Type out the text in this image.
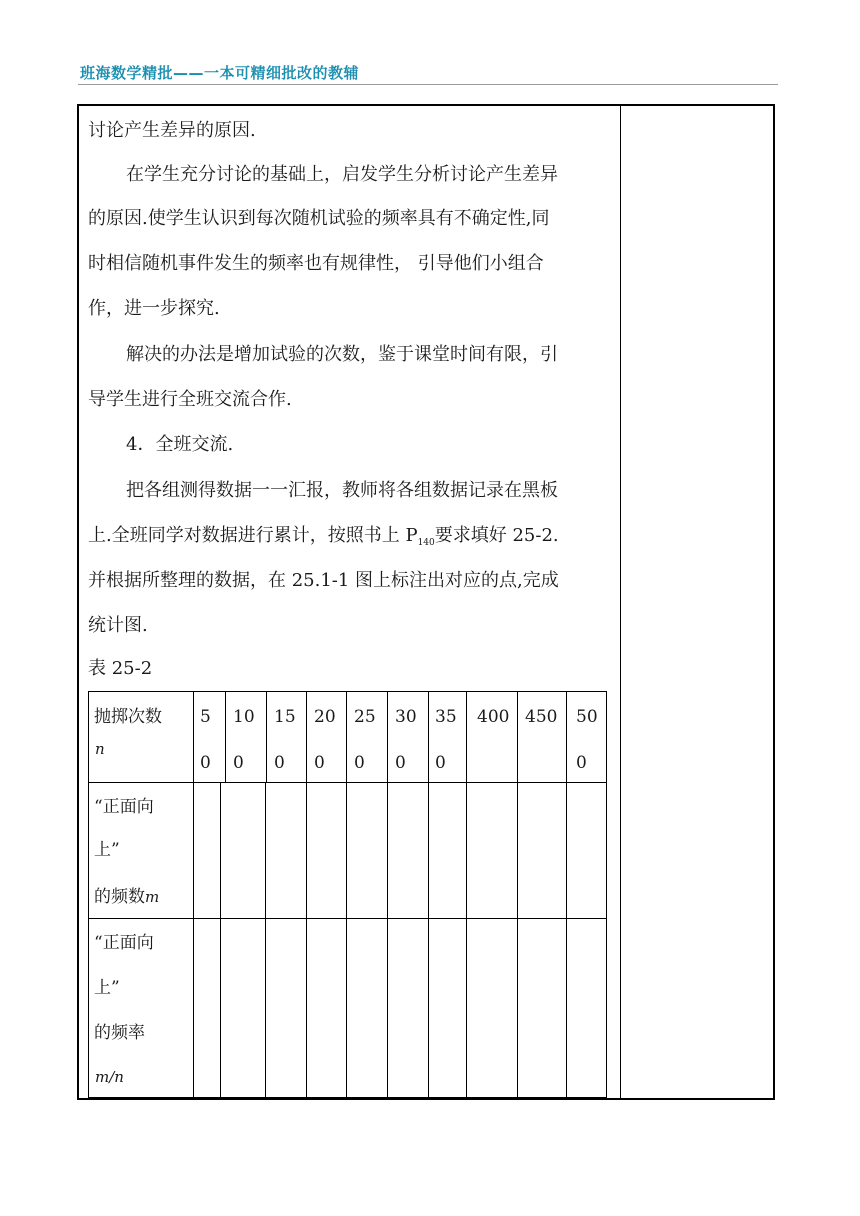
班海数学精批——一本可精细批改的教辅
讨论产生差异的原因.
在学生充分讨论的基础上，启发学生分析讨论产生差异
的原因.使学生认识到每次随机试验的频率具有不确定性,同
时相信随机事件发生的频率也有规律性， 引导他们小组合
作，进一步探究.
解决的办法是增加试验的次数，鉴于课堂时间有限，引
导学生进行全班交流合作.
4．全班交流.
把各组测得数据一一汇报，教师将各组数据记录在黑板
上.全班同学对数据进行累计，按照书上 $P_{140}$要求填好 25-2.
并根据所整理的数据，在 25.1-1 图上标注出对应的点,完成
统计图.
表 25-2
抛掷次数
n
5
0
10
0
15
0
20
0
25
0
30
0
35
0
400 450 50
0
“正面向
上”
的频数m
“正面向
上”
的频率
m/n
